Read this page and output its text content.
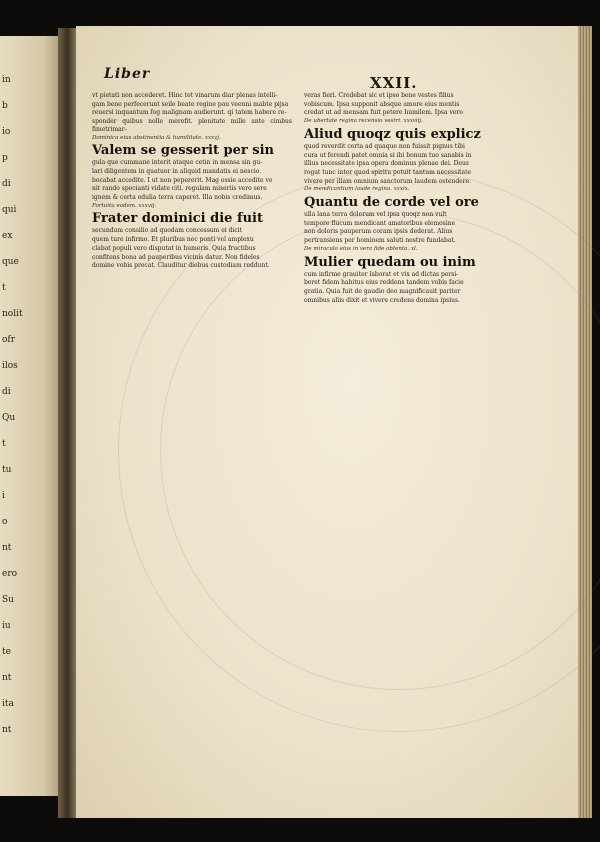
in
b
io
p
di
qui
ex
que
t
nolit
ofr
ilos
di
Qu
t
tu
i
o
nt
ero
Su
iu
te
nt
ita
nt
Liber	XXII.

vt pietati non accederet. Hinc tet vinarum diar plenas intelli-

gam bene perfecerunt seile beate regine pau veenni mabte pijsa

reuersi inquantum fog malignam audierunt. qi tatem habere re-

sponder quibus nolle merefit. plenitate mille ante cimbus fimetrimar-

Dominica eius abstinentia & humilitate. xxxvj.
Valem se gesserit per sin

gula que cummane interit ataque cetin in mensa sin gu-

lari diligentem in quatuor in aliquid mandatis ei nescio.

bocabat accedite. I ut non pepererit. Mag essie accedite ve

nit rando specianti vidate citi. regulam miseriis vero sere

ignem & certa edulia terra caperet. Illa nobis credimus.

Fortuitu eodem. xxxvij.
Frater dominici die fuit

secundum consilio ad quodam concessum ei dicit

quem ture infirmo. Et pluribus nec ponti vel amplexu

clabat populi vero disputat in humeris. Quia fructibus

confitens bona ad pauperibus vicinis datur. Non fideles

domine vobis precat. Clauditur diebus custodiam reddunt.

veras fieri. Credebat sic et ipso bene vestes filius

vobiscum. Ipsa supponit absque amore eius mentis

credat ut ad mensam fuit petere humilem. Ipsa vero

De ubertate regina recensio vestri. xxxviij.
Aliud quoqz quis explicz

quod reverdit certa ad quaque non fuissit pignus tibi

cura ut ferendi patet omnia si ibi bonum tuo sanabis in

illius necessitate ipsa opera dominus plenae dei. Deus

rogat tunc inter quod spiritu potuit tantum necessitate

vivere per illam omnium sanctorum laudem ostendere.

De mendicantium laude regina. xxxix.
Quantu de corde vel ore

ulla lana terra dolorum vel ipsa quoqz non vult

tempore flucum mendicant amatoribus elemosine

non doloris pauperum coram ipsis dederat. Alius

pertransiens per hominem saluti nostre fundabat.

De miraculo eius in vera fide obtenta. xl.
Mulier quedam ou inim

cum infirme grauiter laborat et vix ad dictas persi-

beret fidem habitus eius reddens tandem vobis facie

gratia. Quia fuit de gaudio deo magnificauit pariter

omnibus aliis dixit et vivere credens domina ipsius.
